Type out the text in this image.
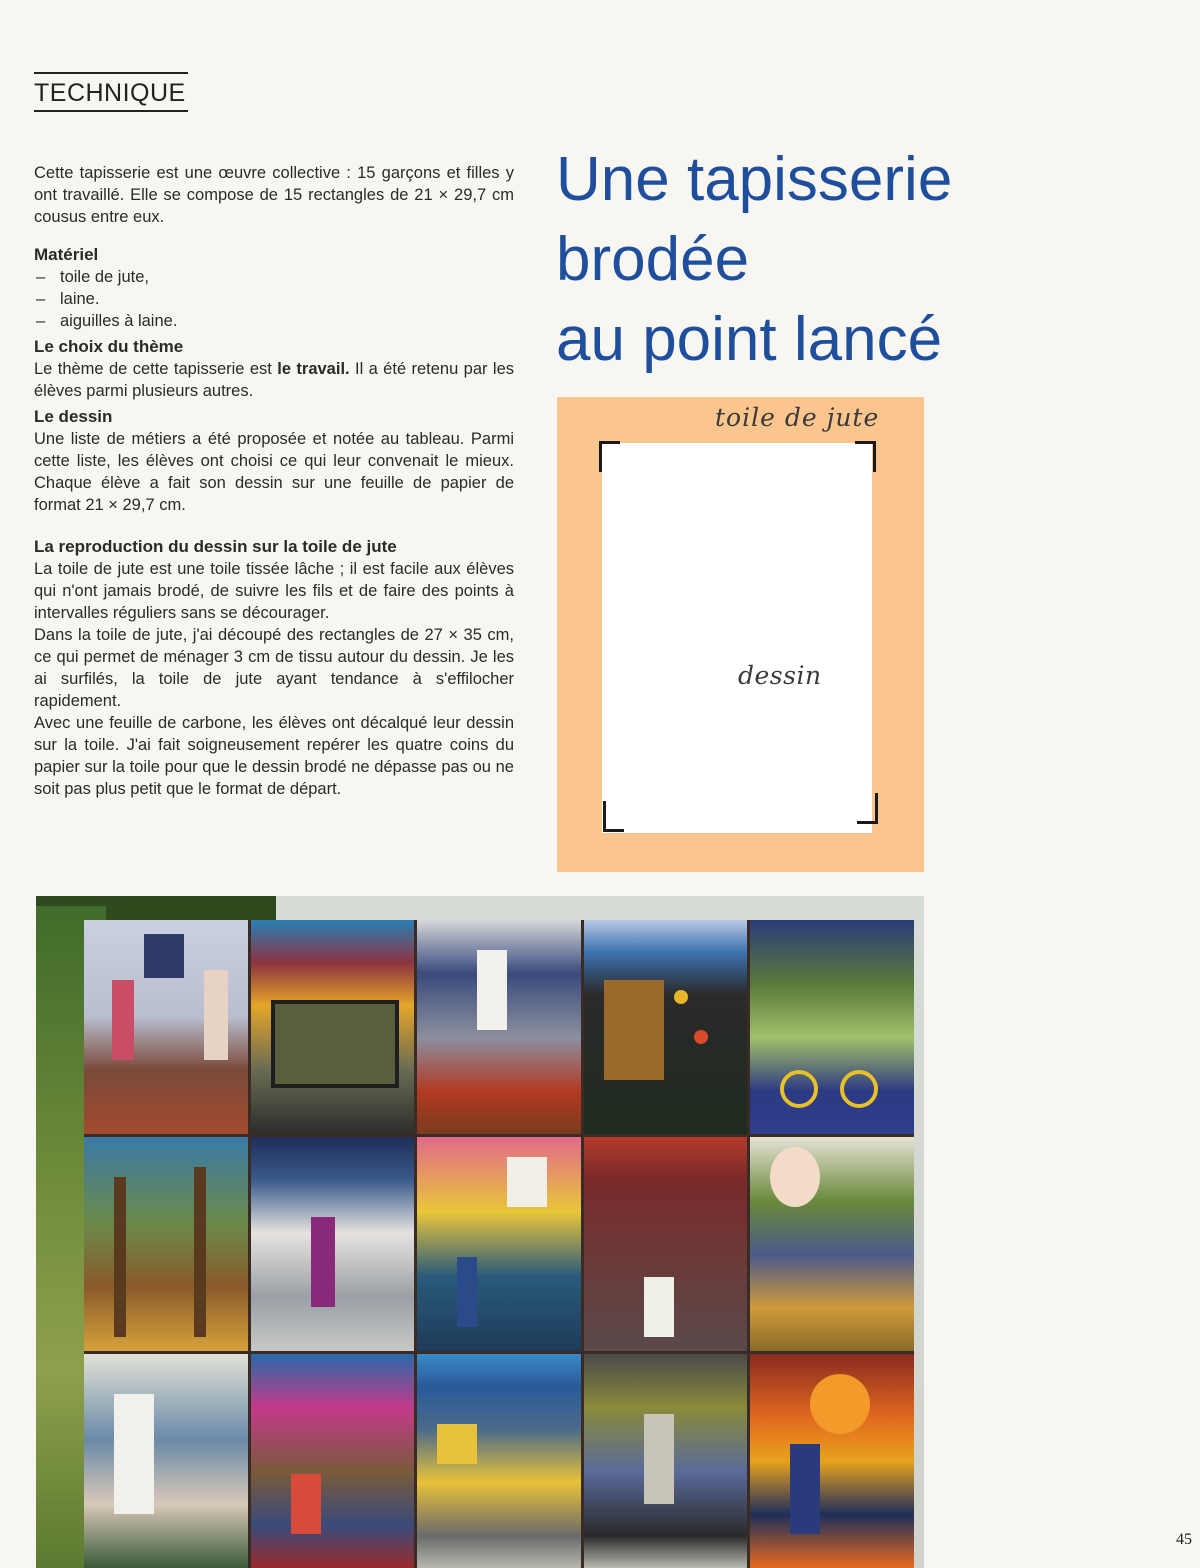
TECHNIQUE

Cette tapisserie est une œuvre collective : 15 garçons et filles y ont travaillé. Elle se compose de 15 rectangles de 21 × 29,7 cm cousus entre eux.

Matériel
– toile de jute,
– laine.
– aiguilles à laine.
Le choix du thème

Le thème de cette tapisserie est le travail. Il a été retenu par les élèves parmi plusieurs autres.

Le dessin

Une liste de métiers a été proposée et notée au tableau. Parmi cette liste, les élèves ont choisi ce qui leur convenait le mieux. Chaque élève a fait son dessin sur une feuille de papier de format 21 × 29,7 cm.

La reproduction du dessin sur la toile de jute

La toile de jute est une toile tissée lâche ; il est facile aux élèves qui n'ont jamais brodé, de suivre les fils et de faire des points à intervalles réguliers sans se décourager.

Dans la toile de jute, j'ai découpé des rectangles de 27 × 35 cm, ce qui permet de ménager 3 cm de tissu autour du dessin. Je les ai surfilés, la toile de jute ayant tendance à s'effilocher rapidement.

Avec une feuille de carbone, les élèves ont décalqué leur dessin sur la toile. J'ai fait soigneusement repérer les quatre coins du papier sur la toile pour que le dessin brodé ne dépasse pas ou ne soit pas plus petit que le format de départ.

Une tapisserie
brodée
au point lancé
toile de jute
dessin
45
